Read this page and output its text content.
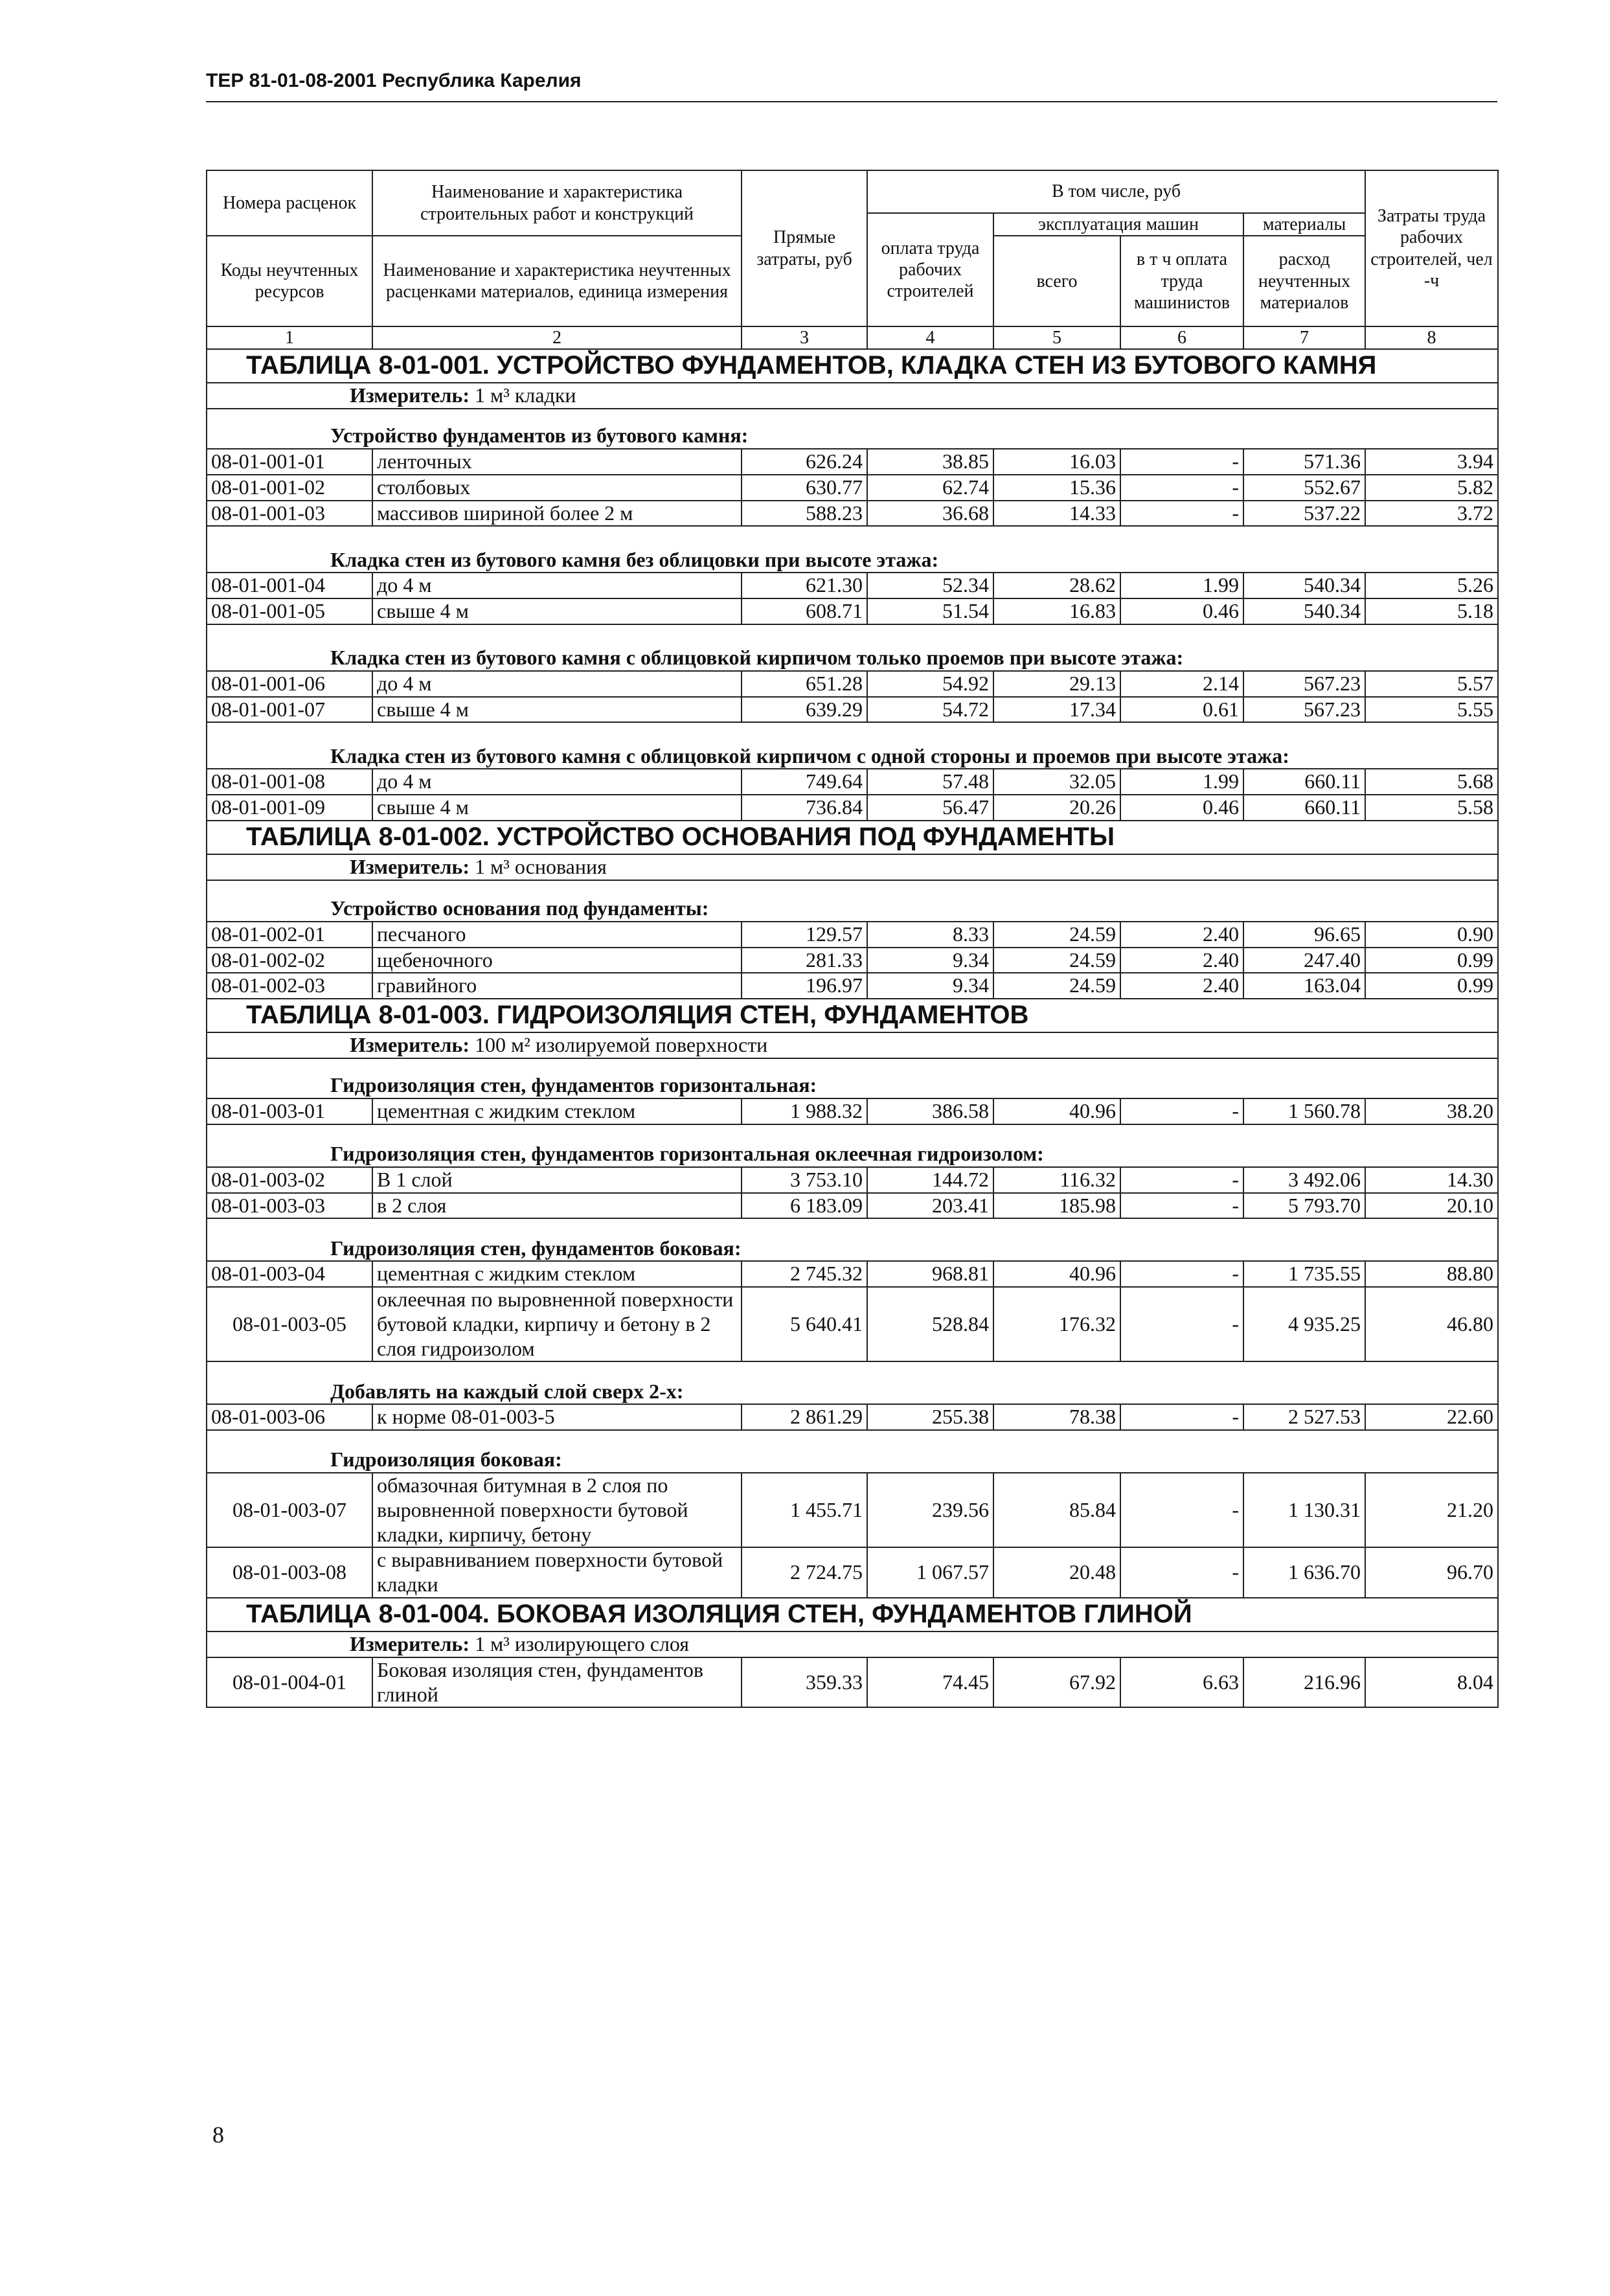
ТЕР 81-01-08-2001 Республика Карелия
Номера расценок	Наименование и характеристика строительных работ и конструкций	Прямые затраты, руб	В том числе, руб				Затраты труда рабочих строителей, чел -ч
			оплата труда рабочих строителей	эксплуатация машин		материалы	
Коды неучтенных ресурсов	Наименование и характеристика неучтенных расценками материалов, единица измерения			всего	в т ч оплата труда машинистов	расход неучтенных материалов	

1	2	3	4	5	6	7	8
ТАБЛИЦА 8-01-001. УСТРОЙСТВО ФУНДАМЕНТОВ, КЛАДКА СТЕН ИЗ БУТОВОГО КАМНЯ							
Измеритель: 1 м³ кладки							
Устройство фундаментов из бутового камня:							
08-01-001-01	ленточных	626.24	38.85	16.03	-	571.36	3.94
08-01-001-02	столбовых	630.77	62.74	15.36	-	552.67	5.82
08-01-001-03	массивов шириной более 2 м	588.23	36.68	14.33	-	537.22	3.72
Кладка стен из бутового камня без облицовки при высоте этажа:							
08-01-001-04	до 4 м	621.30	52.34	28.62	1.99	540.34	5.26
08-01-001-05	свыше 4 м	608.71	51.54	16.83	0.46	540.34	5.18
Кладка стен из бутового камня с облицовкой кирпичом только проемов при высоте этажа:							
08-01-001-06	до 4 м	651.28	54.92	29.13	2.14	567.23	5.57
08-01-001-07	свыше 4 м	639.29	54.72	17.34	0.61	567.23	5.55
Кладка стен из бутового камня с облицовкой кирпичом с одной стороны и проемов при высоте этажа:							
08-01-001-08	до 4 м	749.64	57.48	32.05	1.99	660.11	5.68
08-01-001-09	свыше 4 м	736.84	56.47	20.26	0.46	660.11	5.58
ТАБЛИЦА 8-01-002. УСТРОЙСТВО ОСНОВАНИЯ ПОД ФУНДАМЕНТЫ							
Измеритель: 1 м³ основания							
Устройство основания под фундаменты:							
08-01-002-01	песчаного	129.57	8.33	24.59	2.40	96.65	0.90
08-01-002-02	щебеночного	281.33	9.34	24.59	2.40	247.40	0.99
08-01-002-03	гравийного	196.97	9.34	24.59	2.40	163.04	0.99
ТАБЛИЦА 8-01-003. ГИДРОИЗОЛЯЦИЯ СТЕН, ФУНДАМЕНТОВ							
Измеритель: 100 м² изолируемой поверхности							
Гидроизоляция стен, фундаментов горизонтальная:							
08-01-003-01	цементная с жидким стеклом	1 988.32	386.58	40.96	-	1 560.78	38.20
Гидроизоляция стен, фундаментов горизонтальная оклеечная гидроизолом:							
08-01-003-02	В 1 слой	3 753.10	144.72	116.32	-	3 492.06	14.30
08-01-003-03	в 2 слоя	6 183.09	203.41	185.98	-	5 793.70	20.10
Гидроизоляция стен, фундаментов боковая:							
08-01-003-04	цементная с жидким стеклом	2 745.32	968.81	40.96	-	1 735.55	88.80
08-01-003-05	оклеечная по выровненной поверхности бутовой кладки, кирпичу и бетону в 2 слоя гидроизолом	5 640.41	528.84	176.32	-	4 935.25	46.80
Добавлять на каждый слой сверх 2-х:							
08-01-003-06	к норме 08-01-003-5	2 861.29	255.38	78.38	-	2 527.53	22.60
Гидроизоляция боковая:							
08-01-003-07	обмазочная битумная в 2 слоя по выровненной поверхности бутовой кладки, кирпичу, бетону	1 455.71	239.56	85.84	-	1 130.31	21.20
08-01-003-08	с выравниванием поверхности бутовой кладки	2 724.75	1 067.57	20.48	-	1 636.70	96.70
ТАБЛИЦА 8-01-004. БОКОВАЯ ИЗОЛЯЦИЯ СТЕН, ФУНДАМЕНТОВ ГЛИНОЙ							
Измеритель: 1 м³ изолирующего слоя							
08-01-004-01	Боковая изоляция стен, фундаментов глиной	359.33	74.45	67.92	6.63	216.96	8.04
8
